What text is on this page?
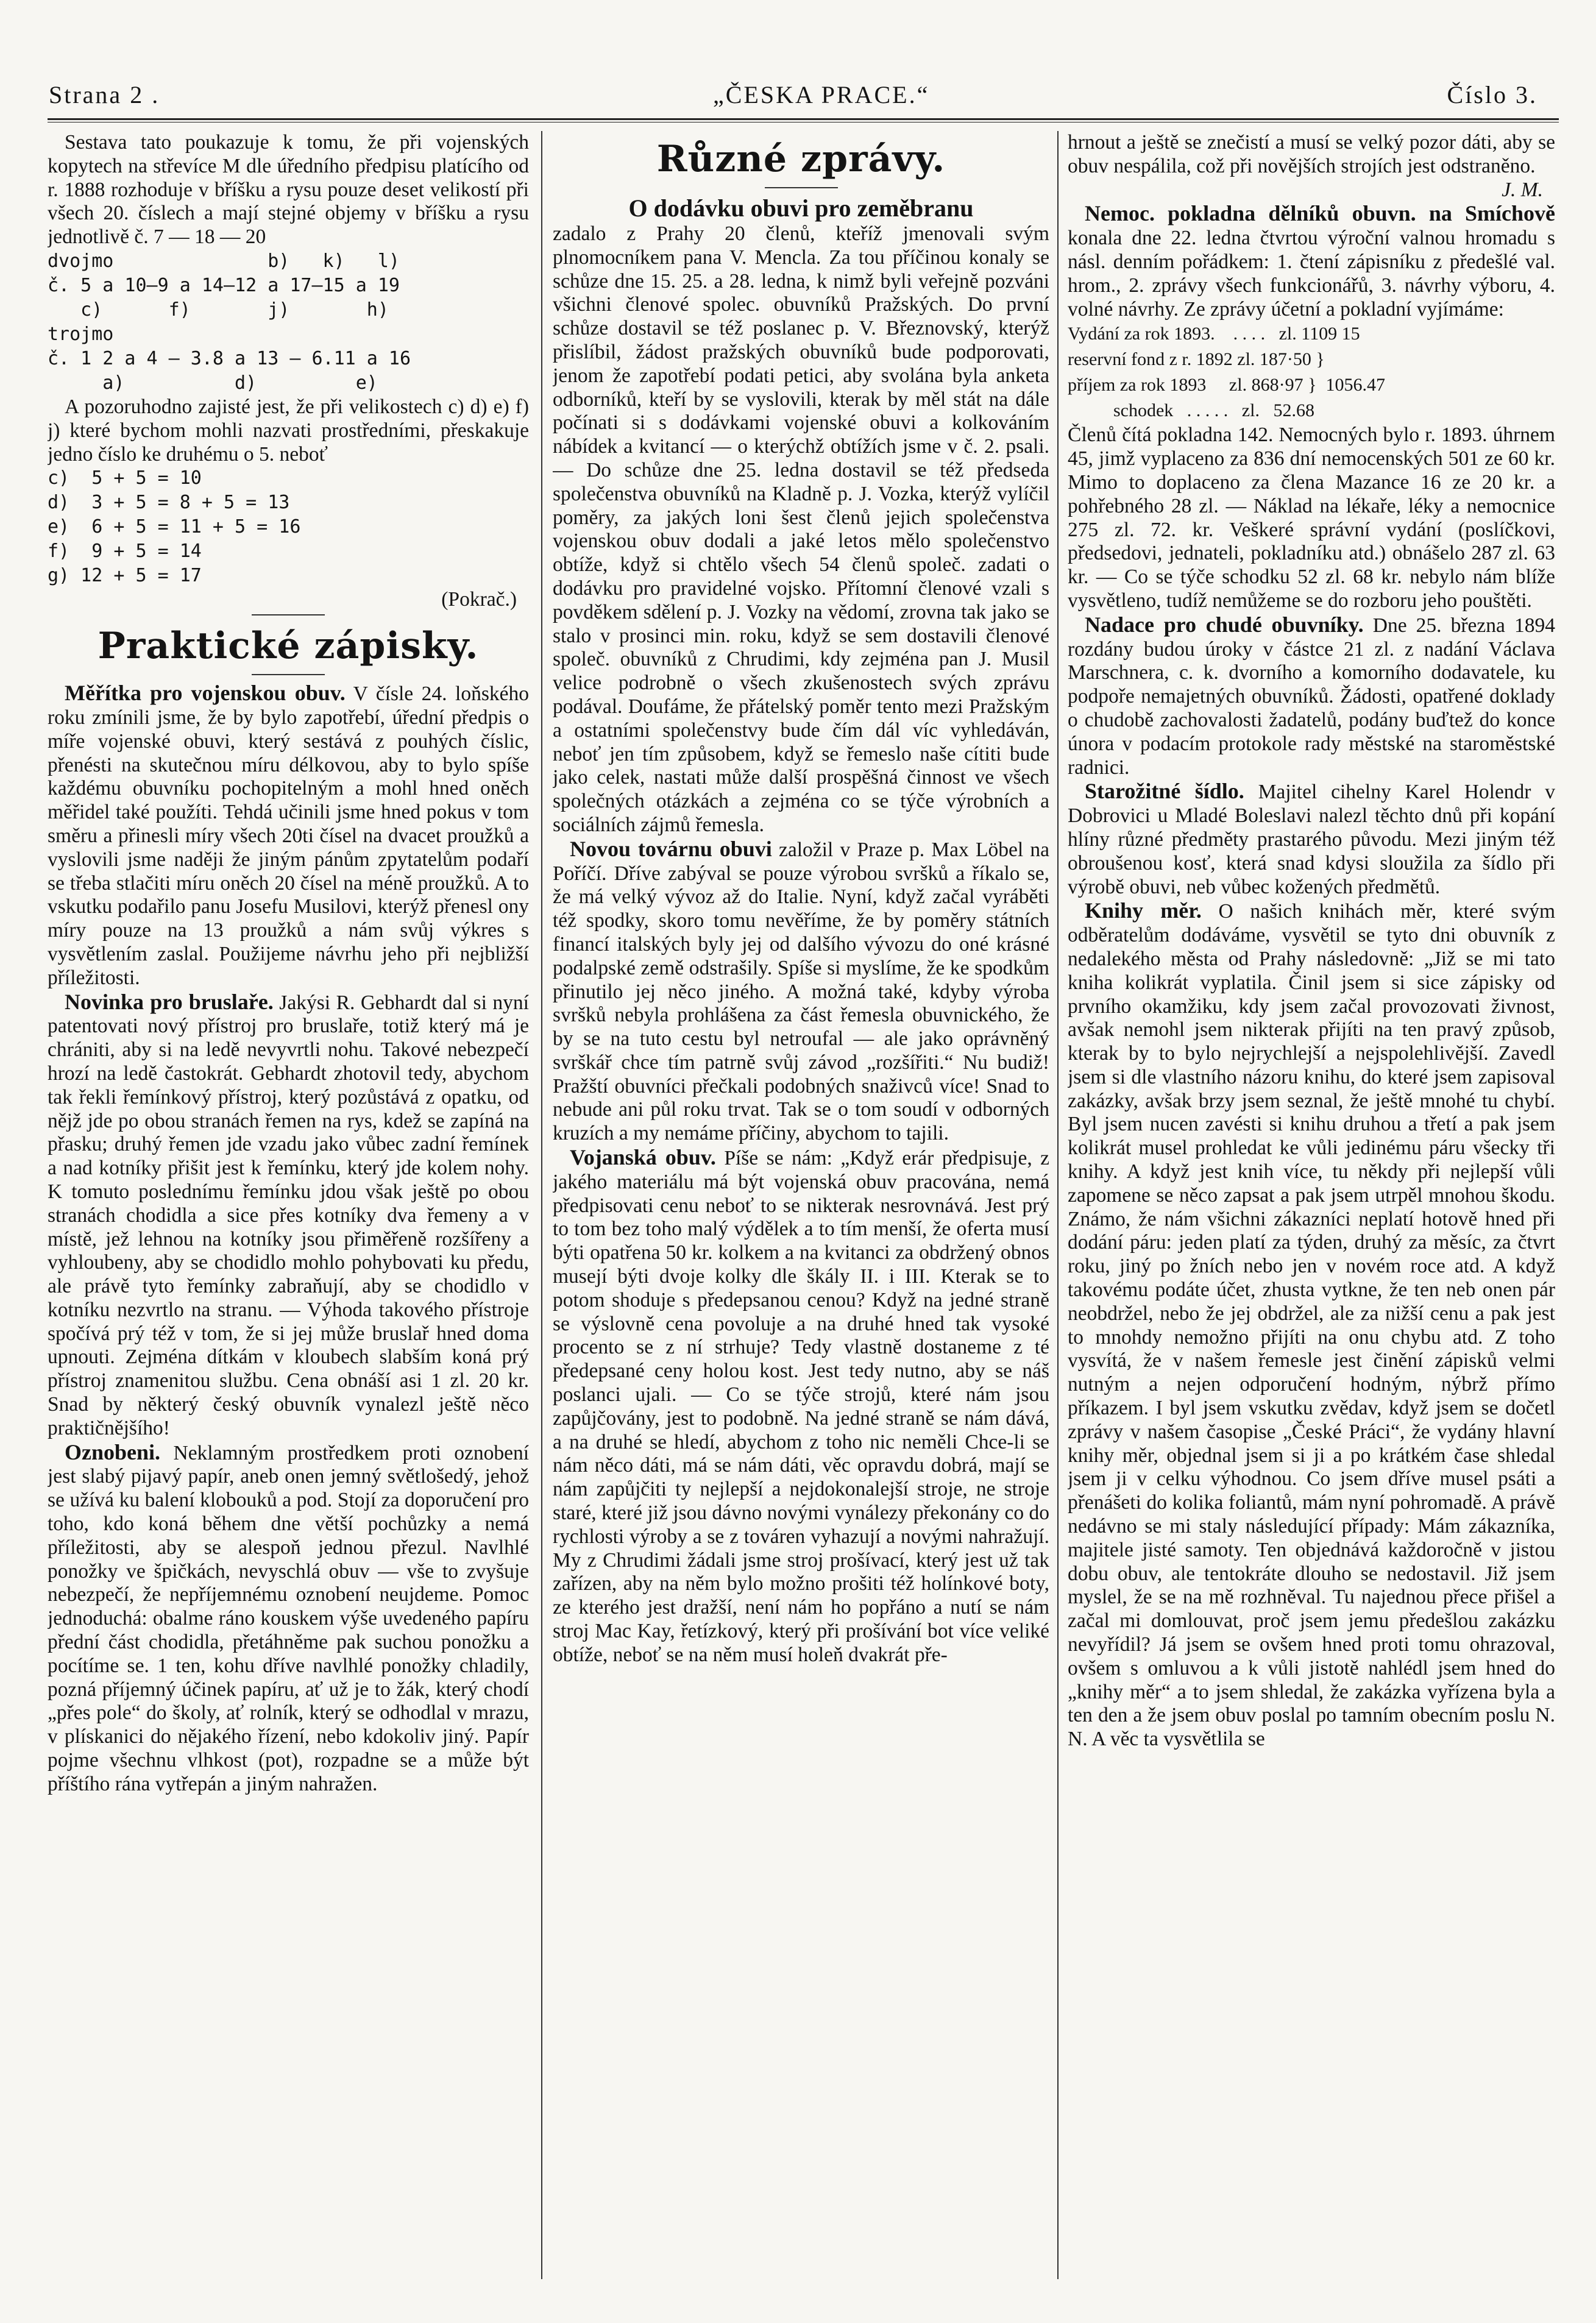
Strana 2 .	„ČESKA PRACE.“	Číslo 3.

Sestava tato poukazuje k tomu, že při vojenských kopytech na střevíce M dle úředního předpisu platícího od r. 1888 rozhoduje v bříšku a rysu pouze deset velikostí při všech 20. číslech a mají stejné objemy v bříšku a rysu jednotlivě č. 7 — 18 — 20

dvojmo              b)   k)   l)
č. 5 a 10—9 a 14—12 a 17—15 a 19
c)      f)       j)       h)
trojmo
č. 1 2 a 4 — 3.8 a 13 — 6.11 a 16
a)          d)         e)

A pozoruhodno zajisté jest, že při velikostech c) d) e) f) j) které bychom mohli nazvati prostředními, přeskakuje jedno číslo ke druhému o 5. neboť

c)  5 + 5 = 10
d)  3 + 5 = 8 + 5 = 13
e)  6 + 5 = 11 + 5 = 16
f)  9 + 5 = 14
g) 12 + 5 = 17

(Pokrač.)

Praktické zápisky.

Měřítka pro vojenskou obuv. V čísle 24. loňského roku zmínili jsme, že by bylo zapotřebí, úřední předpis o míře vojenské obuvi, který sestává z pouhých číslic, přenésti na skutečnou míru délkovou, aby to bylo spíše každému obuvníku pochopitelným a mohl hned oněch měřidel také použíti. Tehdá učinili jsme hned pokus v tom směru a přinesli míry všech 20ti čísel na dvacet proužků a vyslovili jsme naději že jiným pánům zpytatelům podaří se třeba stlačiti míru oněch 20 čísel na méně proužků. A to vskutku podařilo panu Josefu Musilovi, kterýž přenesl ony míry pouze na 13 proužků a nám svůj výkres s vysvětlením zaslal. Použijeme návrhu jeho při nejbližší příležitosti.

Novinka pro bruslaře. Jakýsi R. Gebhardt dal si nyní patentovati nový přístroj pro bruslaře, totiž který má je chrániti, aby si na ledě nevyvrtli nohu. Takové nebezpečí hrozí na ledě častokrát. Gebhardt zhotovil tedy, abychom tak řekli řemínkový přístroj, který pozůstává z opatku, od nějž jde po obou stranách řemen na rys, kdež se zapíná na přasku; druhý řemen jde vzadu jako vůbec zadní řemínek a nad kotníky přišit jest k řemínku, který jde kolem nohy. K tomuto poslednímu řemínku jdou však ještě po obou stranách chodidla a sice přes kotníky dva řemeny a v místě, jež lehnou na kotníky jsou přiměřeně rozšířeny a vyhloubeny, aby se chodidlo mohlo pohybovati ku předu, ale právě tyto řemínky zabraňují, aby se chodidlo v kotníku nezvrtlo na stranu. — Výhoda takového přístroje spočívá prý též v tom, že si jej může bruslař hned doma upnouti. Zejména dítkám v kloubech slabším koná prý přístroj znamenitou službu. Cena obnáší asi 1 zl. 20 kr. Snad by některý český obuvník vynalezl ještě něco praktičnějšího!

Oznobeni. Neklamným prostředkem proti oznobení jest slabý pijavý papír, aneb onen jemný světlošedý, jehož se užívá ku balení klobouků a pod. Stojí za doporučení pro toho, kdo koná během dne větší pochůzky a nemá příležitosti, aby se alespoň jednou přezul. Navlhlé ponožky ve špičkách, nevyschlá obuv — vše to zvyšuje nebezpečí, že nepříjemnému oznobení neujdeme. Pomoc jednoduchá: obalme ráno kouskem výše uvedeného papíru přední část chodidla, přetáhněme pak suchou ponožku a pocítíme se. 1 ten, kohu dříve navlhlé ponožky chladily, pozná příjemný účinek papíru, ať už je to žák, který chodí „přes pole“ do školy, ať rolník, který se odhodlal v mrazu, v plískanici do nějakého řízení, nebo kdokoliv jiný. Papír pojme všechnu vlhkost (pot), rozpadne se a může být příštího rána vytřepán a jiným nahražen.

Různé zprávy.
O dodávku obuvi pro zeměbranu

zadalo z Prahy 20 členů, kteříž jmenovali svým plnomocníkem pana V. Mencla. Za tou příčinou konaly se schůze dne 15. 25. a 28. ledna, k nimž byli veřejně pozváni všichni členové spolec. obuvníků Pražských. Do první schůze dostavil se též poslanec p. V. Březnovský, kterýž přislíbil, žádost pražských obuvníků bude podporovati, jenom že zapotřebí podati petici, aby svolána byla anketa odborníků, kteří by se vyslovili, kterak by měl stát na dále počínati si s dodávkami vojenské obuvi a kolkováním nábídek a kvitancí — o kterýchž obtížích jsme v č. 2. psali. — Do schůze dne 25. ledna dostavil se též předseda společenstva obuvníků na Kladně p. J. Vozka, kterýž vylíčil poměry, za jakých loni šest členů jejich společenstva vojenskou obuv dodali a jaké letos mělo společenstvo obtíže, když si chtělo všech 54 členů společ. zadati o dodávku pro pravidelné vojsko. Přítomní členové vzali s povděkem sdělení p. J. Vozky na vědomí, zrovna tak jako se stalo v prosinci min. roku, když se sem dostavili členové společ. obuvníků z Chrudimi, kdy zejména pan J. Musil velice podrobně o všech zkušenostech svých zprávu podával. Doufáme, že přátelský poměr tento mezi Pražským a ostatními společenstvy bude čím dál víc vyhledáván, neboť jen tím způsobem, když se řemeslo naše cítiti bude jako celek, nastati může další prospěšná činnost ve všech společných otázkách a zejména co se týče výrobních a sociálních zájmů řemesla.

Novou továrnu obuvi založil v Praze p. Max Löbel na Poříčí. Dříve zabýval se pouze výrobou svršků a říkalo se, že má velký vývoz až do Italie. Nyní, když začal vyráběti též spodky, skoro tomu nevěříme, že by poměry státních financí italských byly jej od dalšího vývozu do oné krásné podalpské země odstrašily. Spíše si myslíme, že ke spodkům přinutilo jej něco jiného. A možná také, kdyby výroba svršků nebyla prohlášena za část řemesla obuvnického, že by se na tuto cestu byl netroufal — ale jako oprávněný svrškář chce tím patrně svůj závod „rozšířiti.“ Nu budiž! Pražští obuvníci přečkali podobných snaživců více! Snad to nebude ani půl roku trvat. Tak se o tom soudí v odborných kruzích a my nemáme příčiny, abychom to tajili.

Vojanská obuv. Píše se nám: „Když erár předpisuje, z jakého materiálu má být vojenská obuv pracována, nemá předpisovati cenu neboť to se nikterak nesrovnává. Jest prý to tom bez toho malý výdělek a to tím menší, že oferta musí býti opatřena 50 kr. kolkem a na kvitanci za obdržený obnos musejí býti dvoje kolky dle škály II. i III. Kterak se to potom shoduje s předepsanou cenou? Když na jedné straně se výslovně cena povoluje a na druhé hned tak vysoké procento se z ní strhuje? Tedy vlastně dostaneme z té předepsané ceny holou kost. Jest tedy nutno, aby se náš poslanci ujali. — Co se týče strojů, které nám jsou zapůjčovány, jest to podobně. Na jedné straně se nám dává, a na druhé se hledí, abychom z toho nic neměli Chce-li se nám něco dáti, má se nám dáti, věc opravdu dobrá, mají se nám zapůjčiti ty nejlepší a nejdokonalejší stroje, ne stroje staré, které již jsou dávno novými vynálezy překonány co do rychlosti výroby a se z továren vyhazují a novými nahražují. My z Chrudimi žádali jsme stroj prošívací, který jest už tak zařízen, aby na něm bylo možno prošiti též holínkové boty, ze kterého jest dražší, není nám ho popřáno a nutí se nám stroj Mac Kay, řetízkový, který při prošívání bot více veliké obtíže, neboť se na něm musí holeň dvakrát pře-

hrnout a ještě se znečistí a musí se velký pozor dáti, aby se obuv nespálila, což při novějších strojích jest odstraněno.

J. M.

Nemoc. pokladna dělníků obuvn. na Smíchově konala dne 22. ledna čtvrtou výroční valnou hromadu s násl. denním pořádkem: 1. čtení zápisníku z předešlé val. hrom., 2. zprávy všech funkcionářů, 3. návrhy výboru, 4. volné návrhy. Ze zprávy účetní a pokladní vyjímáme:

Vydání za rok 1893.    . . . .   zl. 1109 15
reservní fond z r. 1892 zl. 187·50 }
příjem za rok 1893     zl. 868·97 }  1056.47
schodek   . . . . .   zl.   52.68

Členů čítá pokladna 142. Nemocných bylo r. 1893. úhrnem 45, jimž vyplaceno za 836 dní nemocenských 501 ze 60 kr. Mimo to doplaceno za člena Mazance 16 ze 20 kr. a pohřebného 28 zl. — Náklad na lékaře, léky a nemocnice 275 zl. 72. kr. Veškeré správní vydání (poslíčkovi, předsedovi, jednateli, pokladníku atd.) obnášelo 287 zl. 63 kr. — Co se týče schodku 52 zl. 68 kr. nebylo nám blíže vysvětleno, tudíž nemůžeme se do rozboru jeho pouštěti.

Nadace pro chudé obuvníky. Dne 25. března 1894 rozdány budou úroky v částce 21 zl. z nadání Václava Marschnera, c. k. dvorního a komorního dodavatele, ku podpoře nemajetných obuvníků. Žádosti, opatřené doklady o chudobě zachovalosti žadatelů, podány buďtež do konce února v podacím protokole rady městské na staroměstské radnici.

Starožitné šídlo. Majitel cihelny Karel Holendr v Dobrovici u Mladé Boleslavi nalezl těchto dnů při kopání hlíny různé předměty prastarého původu. Mezi jiným též obroušenou kosť, která snad kdysi sloužila za šídlo při výrobě obuvi, neb vůbec kožených předmětů.

Knihy měr. O našich knihách měr, které svým odběratelům dodáváme, vysvětil se tyto dni obuvník z nedalekého města od Prahy následovně: „Již se mi tato kniha kolikrát vyplatila. Činil jsem si sice zápisky od prvního okamžiku, kdy jsem začal provozovati živnost, avšak nemohl jsem nikterak přijíti na ten pravý způsob, kterak by to bylo nejrychlejší a nejspolehlivější. Zavedl jsem si dle vlastního názoru knihu, do které jsem zapisoval zakázky, avšak brzy jsem seznal, že ještě mnohé tu chybí. Byl jsem nucen zavésti si knihu druhou a třetí a pak jsem kolikrát musel prohledat ke vůli jedinému páru všecky tři knihy. A když jest knih více, tu někdy při nejlepší vůli zapomene se něco zapsat a pak jsem utrpěl mnohou škodu. Známo, že nám všichni zákazníci neplatí hotově hned při dodání páru: jeden platí za týden, druhý za měsíc, za čtvrt roku, jiný po žních nebo jen v novém roce atd. A když takovému podáte účet, zhusta vytkne, že ten neb onen pár neobdržel, nebo že jej obdržel, ale za nižší cenu a pak jest to mnohdy nemožno přijíti na onu chybu atd. Z toho vysvítá, že v našem řemesle jest činění zápisků velmi nutným a nejen odporučení hodným, nýbrž přímo příkazem. I byl jsem vskutku zvědav, když jsem se dočetl zprávy v našem časopise „České Práci“, že vydány hlavní knihy měr, objednal jsem si ji a po krátkém čase shledal jsem ji v celku výhodnou. Co jsem dříve musel psáti a přenášeti do kolika foliantů, mám nyní pohromadě. A právě nedávno se mi staly následující případy: Mám zákazníka, majitele jisté samoty. Ten objednává každoročně v jistou dobu obuv, ale tentokráte dlouho se nedostavil. Již jsem myslel, že se na mě rozhněval. Tu najednou přece přišel a začal mi domlouvat, proč jsem jemu předešlou zakázku nevyřídil? Já jsem se ovšem hned proti tomu ohrazoval, ovšem s omluvou a k vůli jistotě nahlédl jsem hned do „knihy měr“ a to jsem shledal, že zakázka vyřízena byla a ten den a že jsem obuv poslal po tamním obecním poslu N. N. A věc ta vysvětlila se
